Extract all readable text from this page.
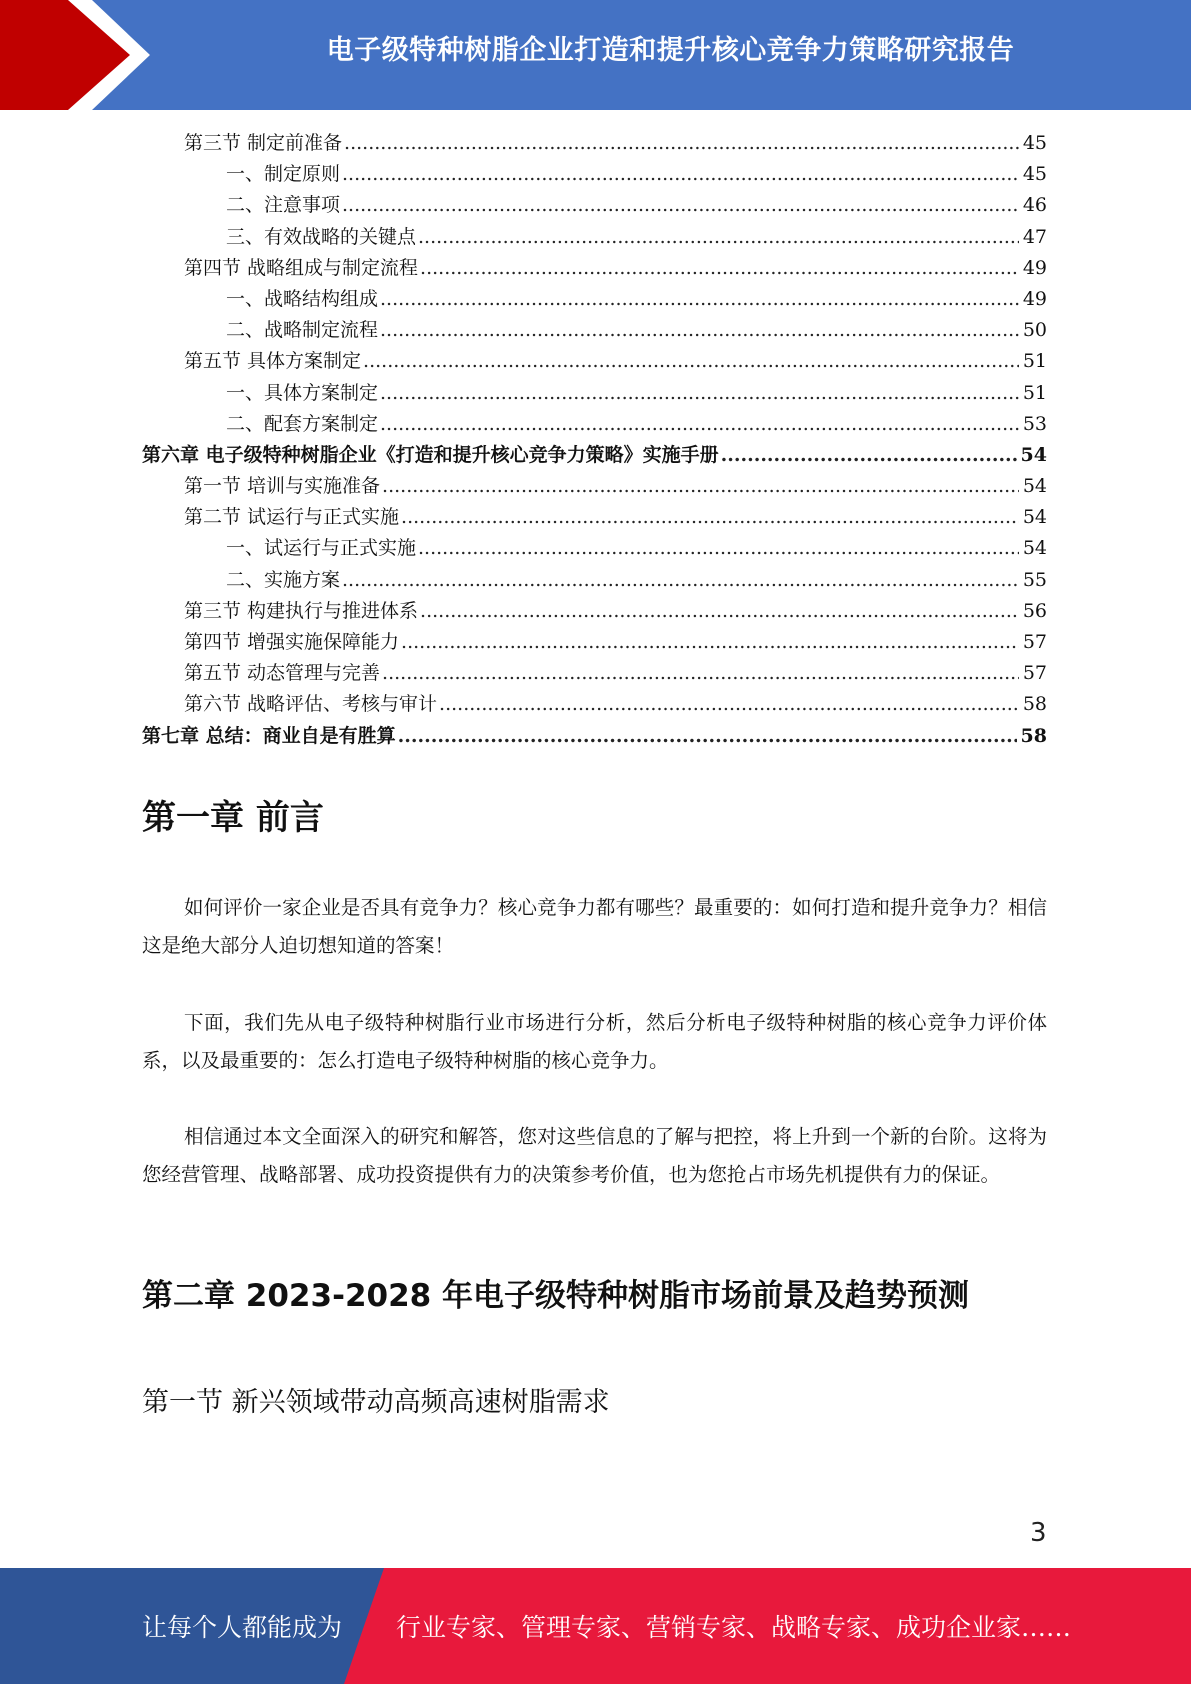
电子级特种树脂企业打造和提升核心竞争力策略研究报告
第三节 制定前准备 .....	45
一、制定原则 .....	45
二、注意事项 .....	46
三、有效战略的关键点 .....	47
第四节 战略组成与制定流程 .....	49
一、战略结构组成 .....	49
二、战略制定流程 .....	50
第五节 具体方案制定 .....	51
一、具体方案制定 .....	51
二、配套方案制定 .....	53
第六章 电子级特种树脂企业《打造和提升核心竞争力策略》实施手册 .....	54
第一节 培训与实施准备 .....	54
第二节 试运行与正式实施 .....	54
一、试运行与正式实施 .....	54
二、实施方案 .....	55
第三节 构建执行与推进体系 .....	56
第四节 增强实施保障能力 .....	57
第五节 动态管理与完善 .....	57
第六节 战略评估、考核与审计 .....	58
第七章 总结：商业自是有胜算 .....	58
第一章 前言
如何评价一家企业是否具有竞争力？核心竞争力都有哪些？最重要的：如何打造和提升竞争力？相信这是绝大部分人迫切想知道的答案！
下面，我们先从电子级特种树脂行业市场进行分析，然后分析电子级特种树脂的核心竞争力评价体系，以及最重要的：怎么打造电子级特种树脂的核心竞争力。
相信通过本文全面深入的研究和解答，您对这些信息的了解与把控，将上升到一个新的台阶。这将为您经营管理、战略部署、成功投资提供有力的决策参考价值，也为您抢占市场先机提供有力的保证。
第二章 2023-2028 年电子级特种树脂市场前景及趋势预测
第一节 新兴领域带动高频高速树脂需求
3
让每个人都能成为 行业专家、管理专家、营销专家、战略专家、成功企业家……
